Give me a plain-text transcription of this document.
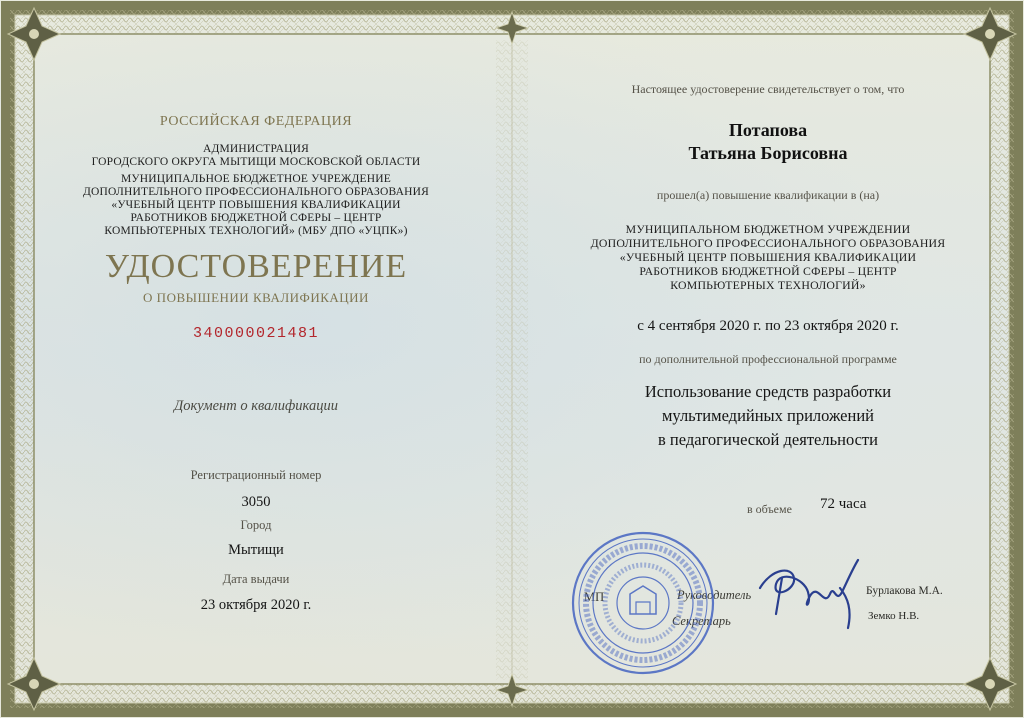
РОССИЙСКАЯ ФЕДЕРАЦИЯ
АДМИНИСТРАЦИЯ
ГОРОДСКОГО ОКРУГА МЫТИЩИ МОСКОВСКОЙ ОБЛАСТИ
МУНИЦИПАЛЬНОЕ БЮДЖЕТНОЕ УЧРЕЖДЕНИЕ
ДОПОЛНИТЕЛЬНОГО ПРОФЕССИОНАЛЬНОГО ОБРАЗОВАНИЯ
«УЧЕБНЫЙ ЦЕНТР ПОВЫШЕНИЯ КВАЛИФИКАЦИИ
РАБОТНИКОВ БЮДЖЕТНОЙ СФЕРЫ – ЦЕНТР
КОМПЬЮТЕРНЫХ ТЕХНОЛОГИЙ» (МБУ ДПО «УЦПК»)
УДОСТОВЕРЕНИЕ
О ПОВЫШЕНИИ КВАЛИФИКАЦИИ
340000021481
Документ о квалификации
Регистрационный номер
3050
Город
Мытищи
Дата выдачи
23 октября 2020 г.
Настоящее удостоверение свидетельствует о том, что
Потапова
Татьяна Борисовна
прошел(а) повышение квалификации в (на)
МУНИЦИПАЛЬНОМ БЮДЖЕТНОМ УЧРЕЖДЕНИИ
ДОПОЛНИТЕЛЬНОГО ПРОФЕССИОНАЛЬНОГО ОБРАЗОВАНИЯ
«УЧЕБНЫЙ ЦЕНТР ПОВЫШЕНИЯ КВАЛИФИКАЦИИ
РАБОТНИКОВ БЮДЖЕТНОЙ СФЕРЫ – ЦЕНТР
КОМПЬЮТЕРНЫХ ТЕХНОЛОГИЙ»
с 4 сентября 2020 г. по 23 октября 2020 г.
по дополнительной профессиональной программе
Использование средств разработки
мультимедийных приложений
в педагогической деятельности
в объеме 72 часа
МП	Руководитель	Бурлакова М.А.
Секретарь	Земко Н.В.
